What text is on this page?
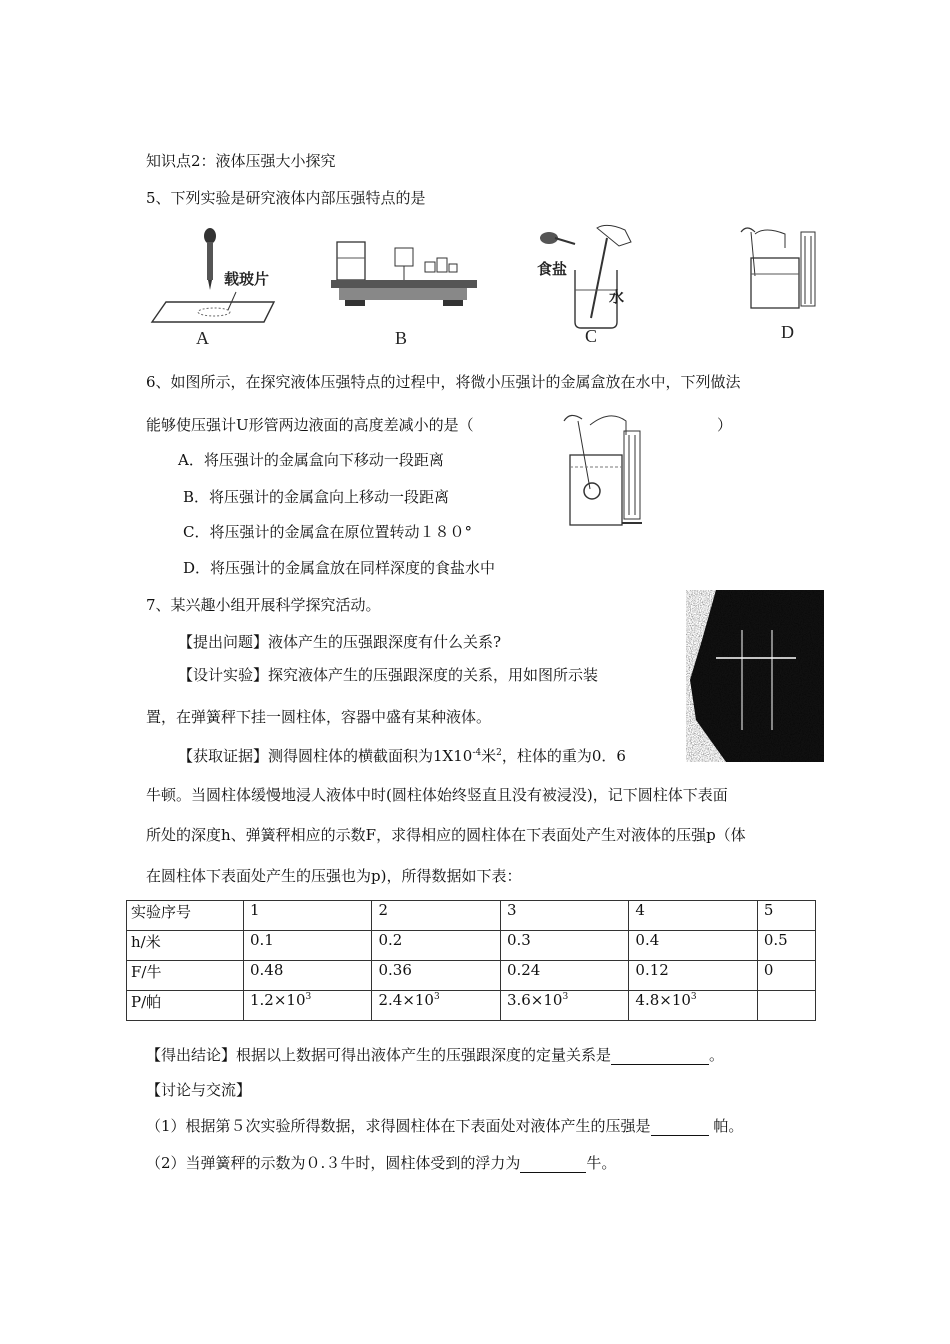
知识点2：液体压强大小探究
5、下列实验是研究液体内部压强特点的是
载玻片
A	B
食盐
水
C	D
6、如图所示，在探究液体压强特点的过程中，将微小压强计的金属盒放在水中，下列做法
能够使压强计U形管两边液面的高度差减小的是（	）
A．将压强计的金属盒向下移动一段距离
B．将压强计的金属盒向上移动一段距离
C．将压强计的金属盒在原位置转动１８０°
D．将压强计的金属盒放在同样深度的食盐水中
7、某兴趣小组开展科学探究活动。
【提出问题】液体产生的压强跟深度有什么关系?
【设计实验】探究液体产生的压强跟深度的关系，用如图所示装
置，在弹簧秤下挂一圆柱体，容器中盛有某种液体。
【获取证据】测得圆柱体的横截面积为$1X10^{-4}$米$^2$，柱体的重为0．6
牛顿。当圆柱体缓慢地浸人液体中时(圆柱体始终竖直且没有被浸没)，记下圆柱体下表面
所处的深度h、弹簧秤相应的示数F，求得相应的圆柱体在下表面处产生对液体的压强p（体
在圆柱体下表面处产生的压强也为p)，所得数据如下表：
实验序号	1	2	3	4	5
h/米	0.1	0.2	0.3	0.4	0.5
F/牛	0.48	0.36	0.24	0.12	0
P/帕	$1.2\times 10^3$	$2.4\times 10^3$	$3.6\times 10^3$	$4.8\times 10^3$	
【得出结论】根据以上数据可得出液体产生的压强跟深度的定量关系是	。
【讨论与交流】
（1）根据第５次实验所得数据，求得圆柱体在下表面处对液体产生的压强是	帕。
（2）当弹簧秤的示数为０.３牛时，圆柱体受到的浮力为	牛。
